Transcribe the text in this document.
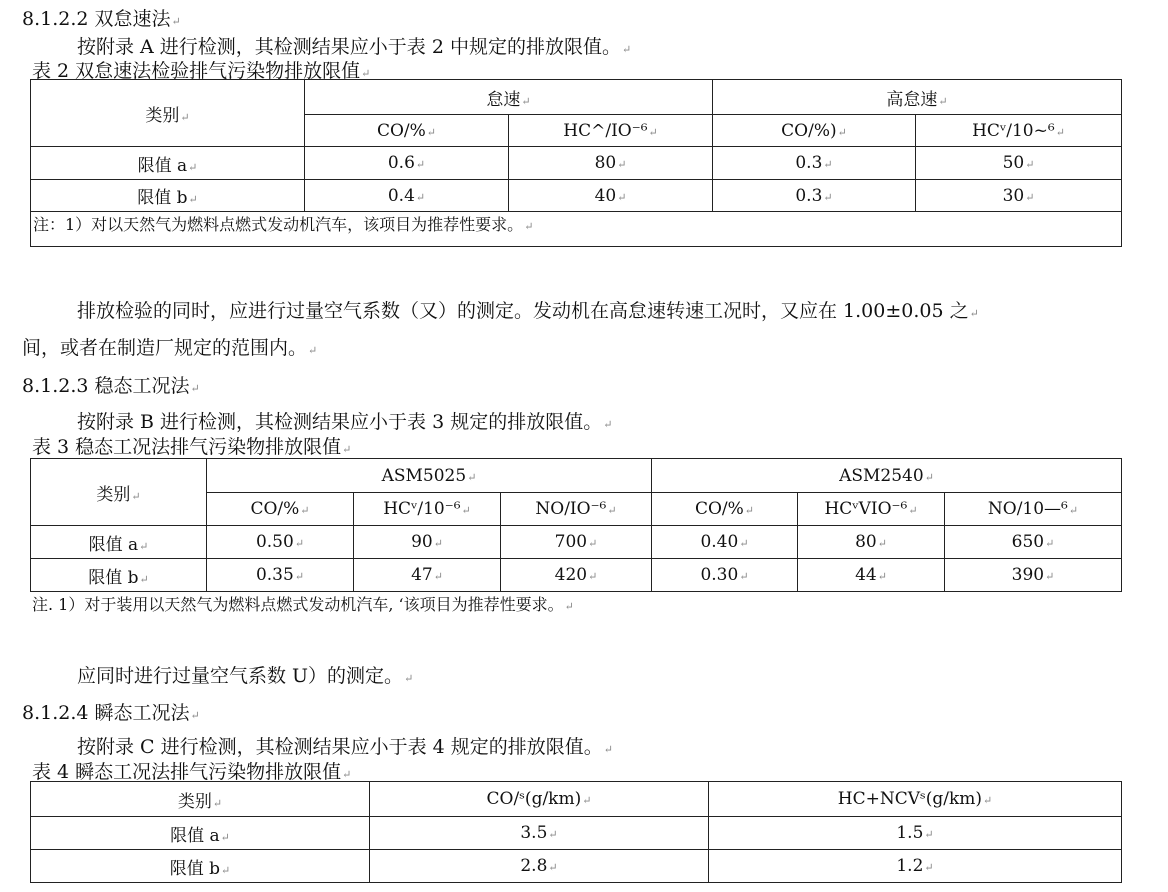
8.1.2.2 双怠速法↵
按附录 A 进行检测，其检测结果应小于表 2 中规定的排放限值。↵
表 2 双怠速法检验排气污染物排放限值↵
类别↵	怠速↵		高怠速↵	
	CO/%↵	HC^/IO⁻⁶↵	CO/%)↵	HCᵛ/10~⁶↵
限值 a↵	0.6↵	80↵	0.3↵	50↵
限值 b↵	0.4↵	40↵	0.3↵	30↵
注：1）对以天然气为燃料点燃式发动机汽车，该项目为推荐性要求。↵				
排放检验的同时，应进行过量空气系数（又）的测定。发动机在高怠速转速工况时，又应在 1.00±0.05 之↵
间，或者在制造厂规定的范围内。↵
8.1.2.3 稳态工况法↵
按附录 B 进行检测，其检测结果应小于表 3 规定的排放限值。↵
表 3 稳态工况法排气污染物排放限值↵
类别↵	ASM5025↵			ASM2540↵		
	CO/%↵	HCᵛ/10⁻⁶↵	NO/IO⁻⁶↵	CO/%↵	HCᵛVIO⁻⁶↵	NO/10—⁶↵
限值 a↵	0.50↵	90↵	700↵	0.40↵	80↵	650↵
限值 b↵	0.35↵	47↵	420↵	0.30↵	44↵	390↵
注. 1）对于装用以天然气为燃料点燃式发动机汽车, ‘该项目为推荐性要求。↵
应同时进行过量空气系数 U）的测定。↵
8.1.2.4 瞬态工况法↵
按附录 C 进行检测，其检测结果应小于表 4 规定的排放限值。↵
表 4 瞬态工况法排气污染物排放限值↵
类别↵	CO/ˢ(g/km)↵	HC+NCVˢ(g/km)↵
限值 a↵	3.5↵	1.5↵
限值 b↵	2.8↵	1.2↵
